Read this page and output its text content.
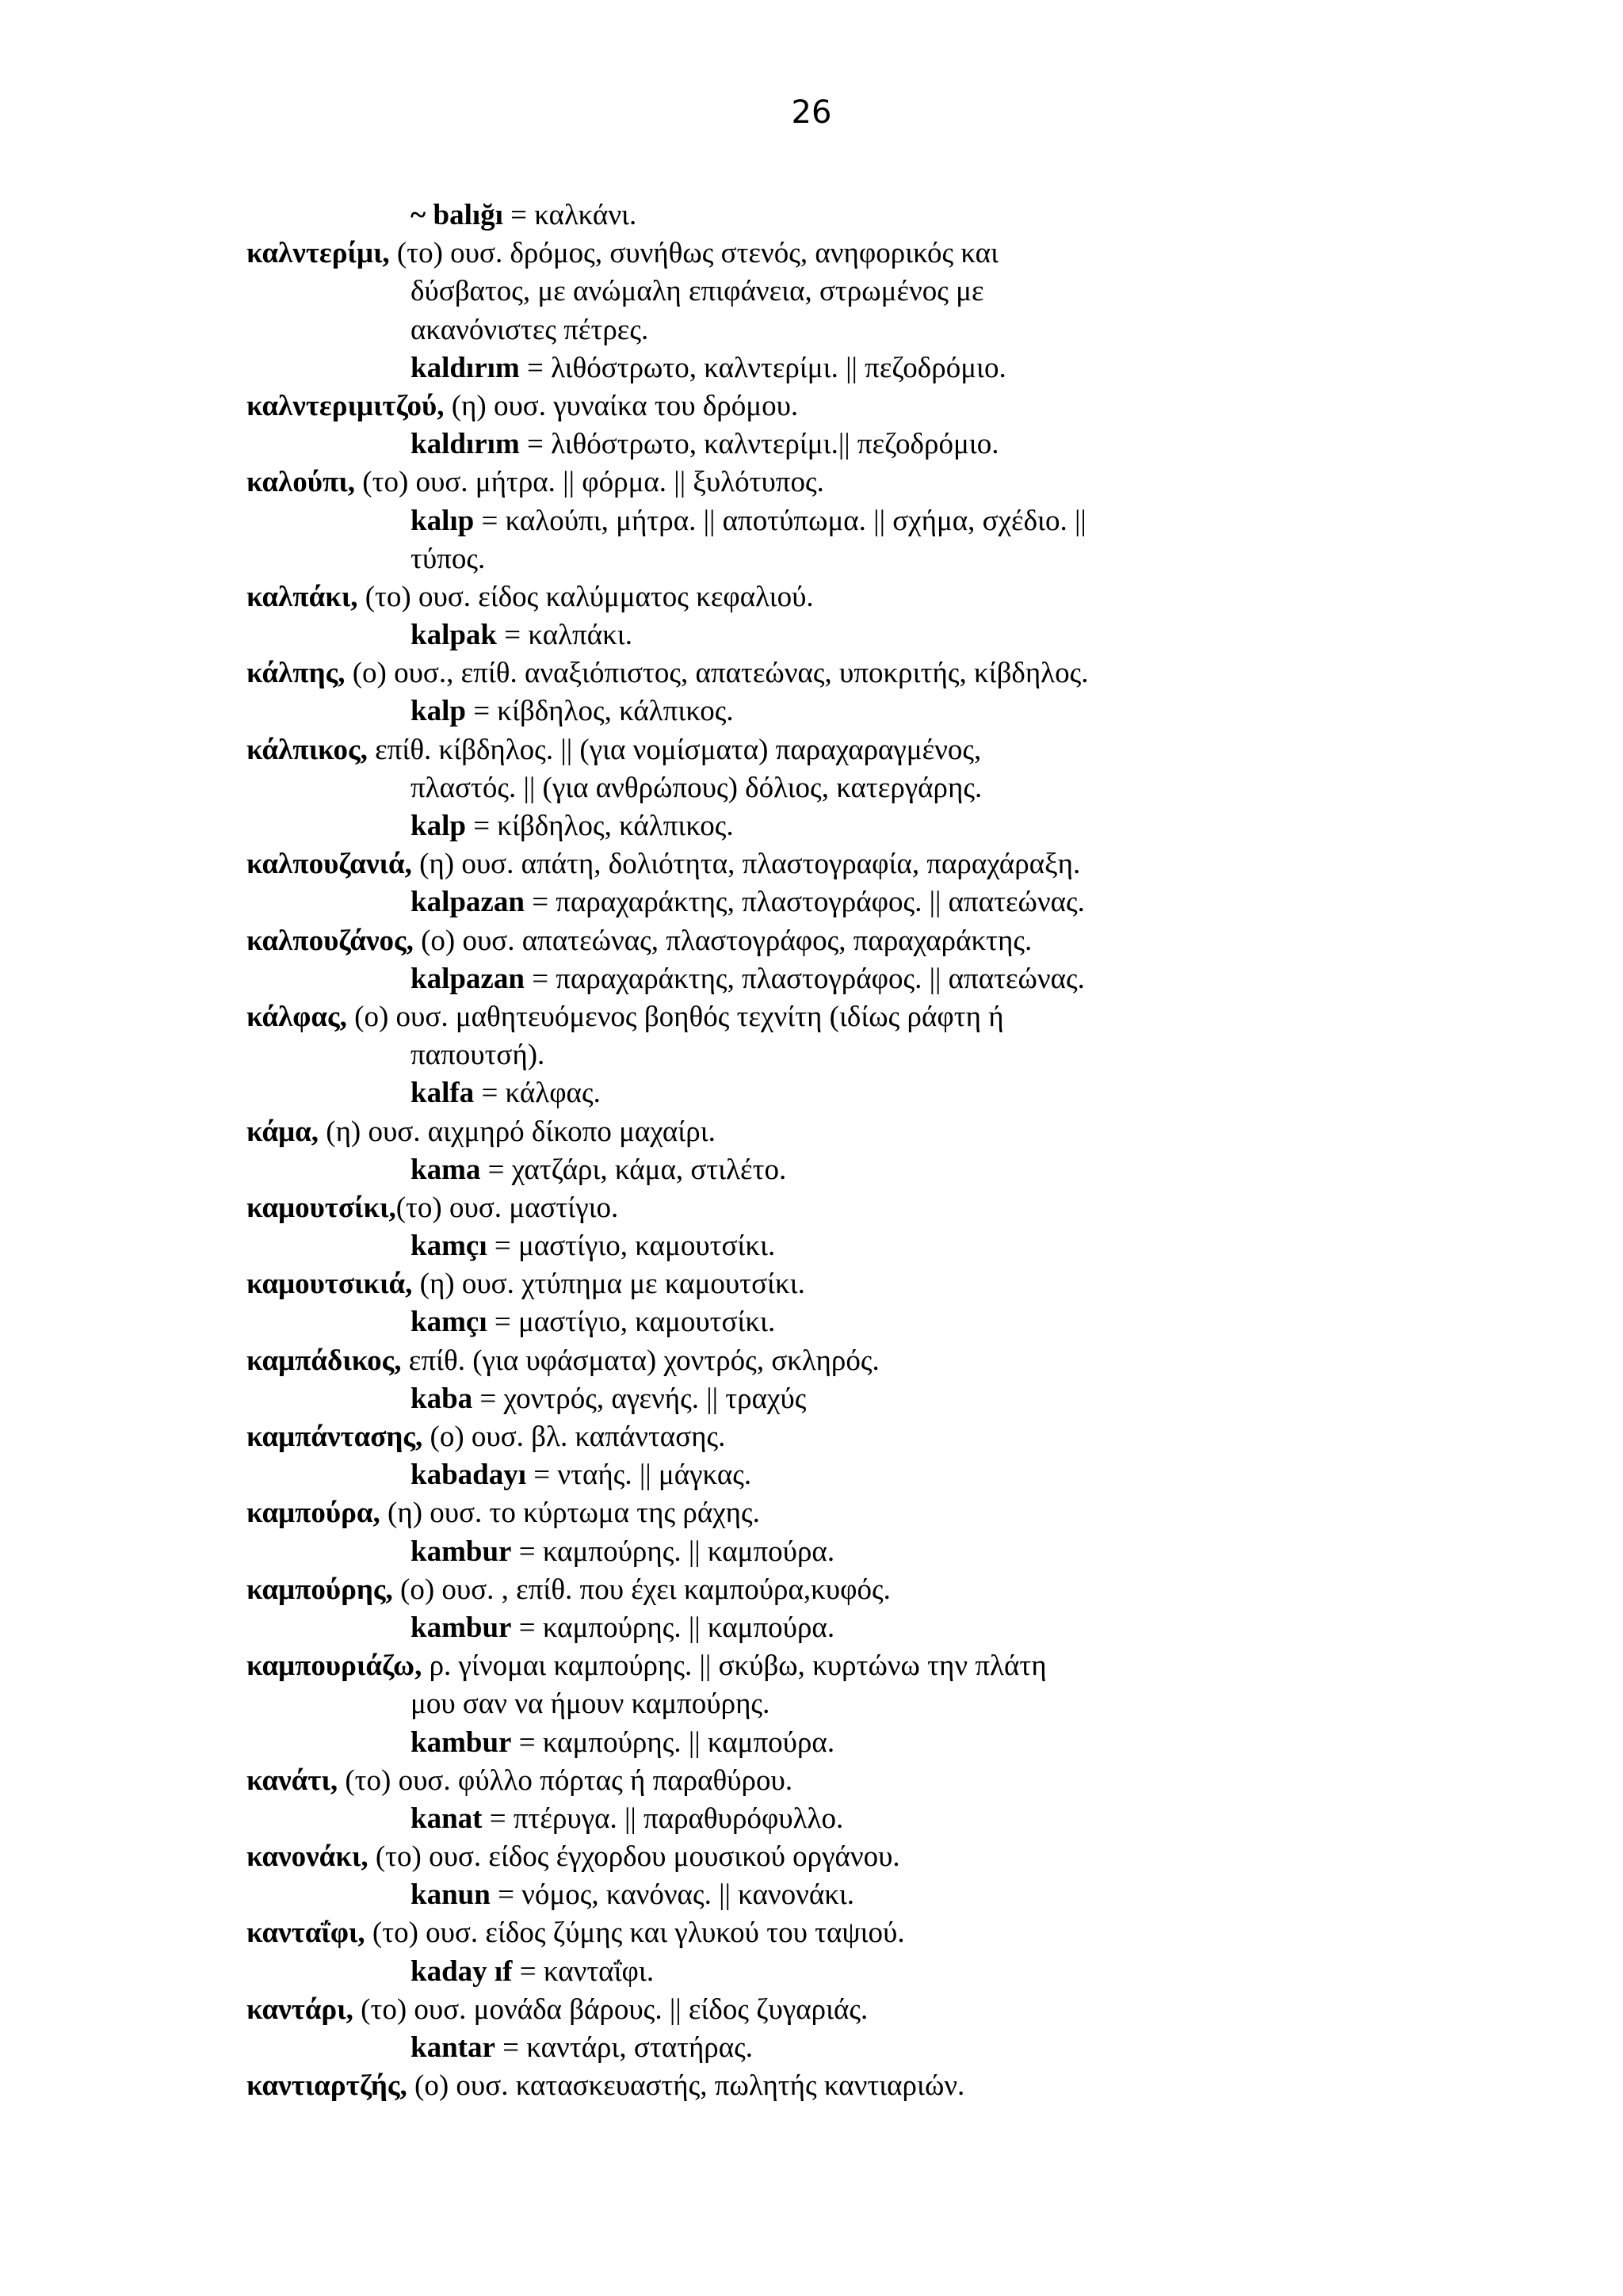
26
~ balığı = καλκάνι.
καλντερίμι, (το) ουσ. δρόμος, συνήθως στενός, ανηφορικός και
δύσβατος, με ανώμαλη επιφάνεια, στρωμένος με
ακανόνιστες πέτρες.
kaldırım = λιθόστρωτο, καλντερίμι. || πεζοδρόμιο.
καλντεριμιτζού, (η) ουσ. γυναίκα του δρόμου.
kaldırım = λιθόστρωτο, καλντερίμι.|| πεζοδρόμιο.
καλούπι, (το) ουσ. μήτρα. || φόρμα. || ξυλότυπος.
kalıp = καλούπι, μήτρα. || αποτύπωμα. || σχήμα, σχέδιο. ||
τύπος.
καλπάκι, (το) ουσ. είδος καλύμματος κεφαλιού.
kalpak = καλπάκι.
κάλπης, (ο) ουσ., επίθ. αναξιόπιστος, απατεώνας, υποκριτής, κίβδηλος.
kalp = κίβδηλος, κάλπικος.
κάλπικος, επίθ. κίβδηλος. || (για νομίσματα) παραχαραγμένος,
πλαστός. || (για ανθρώπους) δόλιος, κατεργάρης.
kalp = κίβδηλος, κάλπικος.
καλπουζανιά, (η) ουσ. απάτη, δολιότητα, πλαστογραφία, παραχάραξη.
kalpazan = παραχαράκτης, πλαστογράφος. || απατεώνας.
καλπουζάνος, (ο) ουσ. απατεώνας, πλαστογράφος, παραχαράκτης.
kalpazan = παραχαράκτης, πλαστογράφος. || απατεώνας.
κάλφας, (ο) ουσ. μαθητευόμενος βοηθός τεχνίτη (ιδίως ράφτη ή
παπουτσή).
kalfa = κάλφας.
κάμα, (η) ουσ. αιχμηρό δίκοπο μαχαίρι.
kama = χατζάρι, κάμα, στιλέτο.
καμουτσίκι,(το) ουσ. μαστίγιο.
kamçı = μαστίγιο, καμουτσίκι.
καμουτσικιά, (η) ουσ. χτύπημα με καμουτσίκι.
kamçı = μαστίγιο, καμουτσίκι.
καμπάδικος, επίθ. (για υφάσματα) χοντρός, σκληρός.
kaba = χοντρός, αγενής. || τραχύς
καμπάντασης, (ο) ουσ. βλ. καπάντασης.
kabadayı = νταής. || μάγκας.
καμπούρα, (η) ουσ. το κύρτωμα της ράχης.
kambur = καμπούρης. || καμπούρα.
καμπούρης, (ο) ουσ. , επίθ. που έχει καμπούρα,κυφός.
kambur = καμπούρης. || καμπούρα.
καμπουριάζω, ρ. γίνομαι καμπούρης. || σκύβω, κυρτώνω την πλάτη
μου σαν να ήμουν καμπούρης.
kambur = καμπούρης. || καμπούρα.
κανάτι, (το) ουσ. φύλλο πόρτας ή παραθύρου.
kanat = πτέρυγα. || παραθυρόφυλλο.
κανονάκι, (το) ουσ. είδος έγχορδου μουσικού οργάνου.
kanun = νόμος, κανόνας. || κανονάκι.
κανταΐφι, (το) ουσ. είδος ζύμης και γλυκού του ταψιού.
kaday ıf = κανταΐφι.
καντάρι, (το) ουσ. μονάδα βάρους. || είδος ζυγαριάς.
kantar = καντάρι, στατήρας.
καντιαρτζής, (ο) ουσ. κατασκευαστής, πωλητής καντιαριών.
